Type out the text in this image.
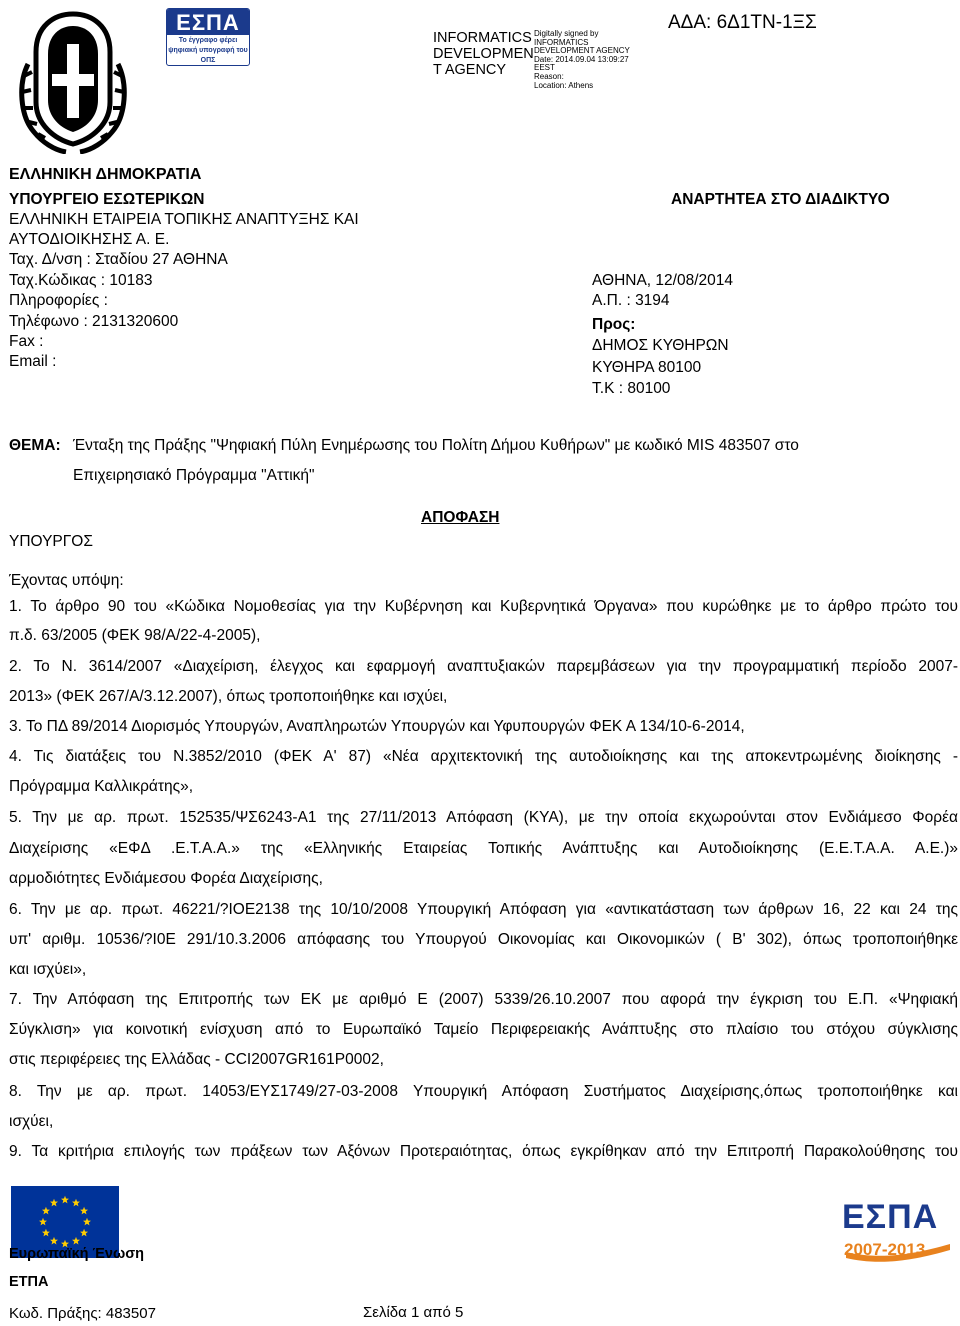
ΕΣΠΑ
Το έγγραφο φέρει
ψηφιακή υπογραφή του
ΟΠΣ
INFORMATICS
DEVELOPMEN
T AGENCY
Digitally signed by
INFORMATICS
DEVELOPMENT AGENCY
Date: 2014.09.04 13:09:27
EEST
Reason:
Location: Athens
ΑΔΑ: 6Δ1ΤΝ-1ΞΣ
ΕΛΛΗΝΙΚΗ ΔΗΜΟΚΡΑΤΙΑ
ΥΠΟΥΡΓΕΙΟ ΕΣΩΤΕΡΙΚΩΝ
ΕΛΛΗΝΙΚΗ ΕΤΑΙΡΕΙΑ ΤΟΠΙΚΗΣ ΑΝΑΠΤΥΞΗΣ ΚΑΙ
ΑΥΤΟΔΙΟΙΚΗΣΗΣ Α. Ε.
Ταχ. Δ/νση : Σταδίου 27 ΑΘΗΝΑ
Ταχ.Κώδικας : 10183
Πληροφορίες :
Τηλέφωνο : 2131320600
Fax :
Email :
ΑΝΑΡΤΗΤΕΑ ΣΤΟ ΔΙΑΔΙΚΤΥΟ
ΑΘΗΝΑ, 12/08/2014
Α.Π. : 3194
Προς:
ΔΗΜΟΣ ΚΥΘΗΡΩΝ
ΚΥΘΗΡΑ 80100
Τ.Κ : 80100
ΘΕΜΑ: Ένταξη της Πράξης "Ψηφιακή Πύλη Ενημέρωσης του Πολίτη Δήμου Κυθήρων" με κωδικό MIS 483507 στο
Επιχειρησιακό Πρόγραμμα "Αττική"
ΑΠΟΦΑΣΗ
ΥΠΟΥΡΓΟΣ
Έχοντας υπόψη:
1. Το άρθρο 90 του «Κώδικα Νομοθεσίας για την Κυβέρνηση και Κυβερνητικά Όργανα» που κυρώθηκε με το άρθρο πρώτο του
π.δ. 63/2005 (ΦΕΚ 98/Α/22-4-2005),
2. Το Ν. 3614/2007 «Διαχείριση, έλεγχος και εφαρμογή αναπτυξιακών παρεμβάσεων για την προγραμματική περίοδο 2007-
2013» (ΦΕΚ 267/Α/3.12.2007), όπως τροποποιήθηκε και ισχύει,
3. Το ΠΔ 89/2014 Διορισμός Υπουργών, Αναπληρωτών Υπουργών και Υφυπουργών ΦΕΚ Α 134/10-6-2014,
4. Τις διατάξεις του Ν.3852/2010 (ΦΕΚ Α' 87) «Νέα αρχιτεκτονική της αυτοδιοίκησης και της αποκεντρωμένης διοίκησης -
Πρόγραμμα Καλλικράτης»,
5. Την με αρ. πρωτ. 152535/ΨΣ6243-Α1 της 27/11/2013 Απόφαση (ΚΥΑ), με την οποία εκχωρούνται στον Ενδιάμεσο Φορέα
Διαχείρισης «ΕΦΔ .Ε.Τ.Α.Α.» της «Ελληνικής Εταιρείας Τοπικής Ανάπτυξης και Αυτοδιοίκησης (Ε.Ε.Τ.Α.Α. Α.Ε.)»
αρμοδιότητες Ενδιάμεσου Φορέα Διαχείρισης,
6. Την με αρ. πρωτ. 46221/?ΙΟΕ2138 της 10/10/2008 Υπουργική Απόφαση για «αντικατάσταση των άρθρων 16, 22 και 24 της
υπ' αριθμ. 10536/?Ι0Ε 291/10.3.2006 απόφασης του Υπουργού Οικονομίας και Οικονομικών ( Β' 302), όπως τροποποιήθηκε
και ισχύει»,
7. Την Απόφαση της Επιτροπής των ΕΚ με αριθμό Ε (2007) 5339/26.10.2007 που αφορά την έγκριση του Ε.Π. «Ψηφιακή
Σύγκλιση» για κοινοτική ενίσχυση από το Ευρωπαϊκό Ταμείο Περιφερειακής Ανάπτυξης στο πλαίσιο του στόχου σύγκλισης
στις περιφέρειες της Ελλάδας - CCI2007GR161P0002,
8. Την με αρ. πρωτ. 14053/ΕΥΣ1749/27-03-2008 Υπουργική Απόφαση Συστήματος Διαχείρισης,όπως τροποποιήθηκε και
ισχύει,
9. Τα κριτήρια επιλογής των πράξεων των Αξόνων Προτεραιότητας, όπως εγκρίθηκαν από την Επιτροπή Παρακολούθησης του
Ευρωπαϊκή Ένωση
ΕΤΠΑ
ΕΣΠΑ
2007-2013
Κωδ. Πράξης: 483507	Σελίδα 1 από 5
